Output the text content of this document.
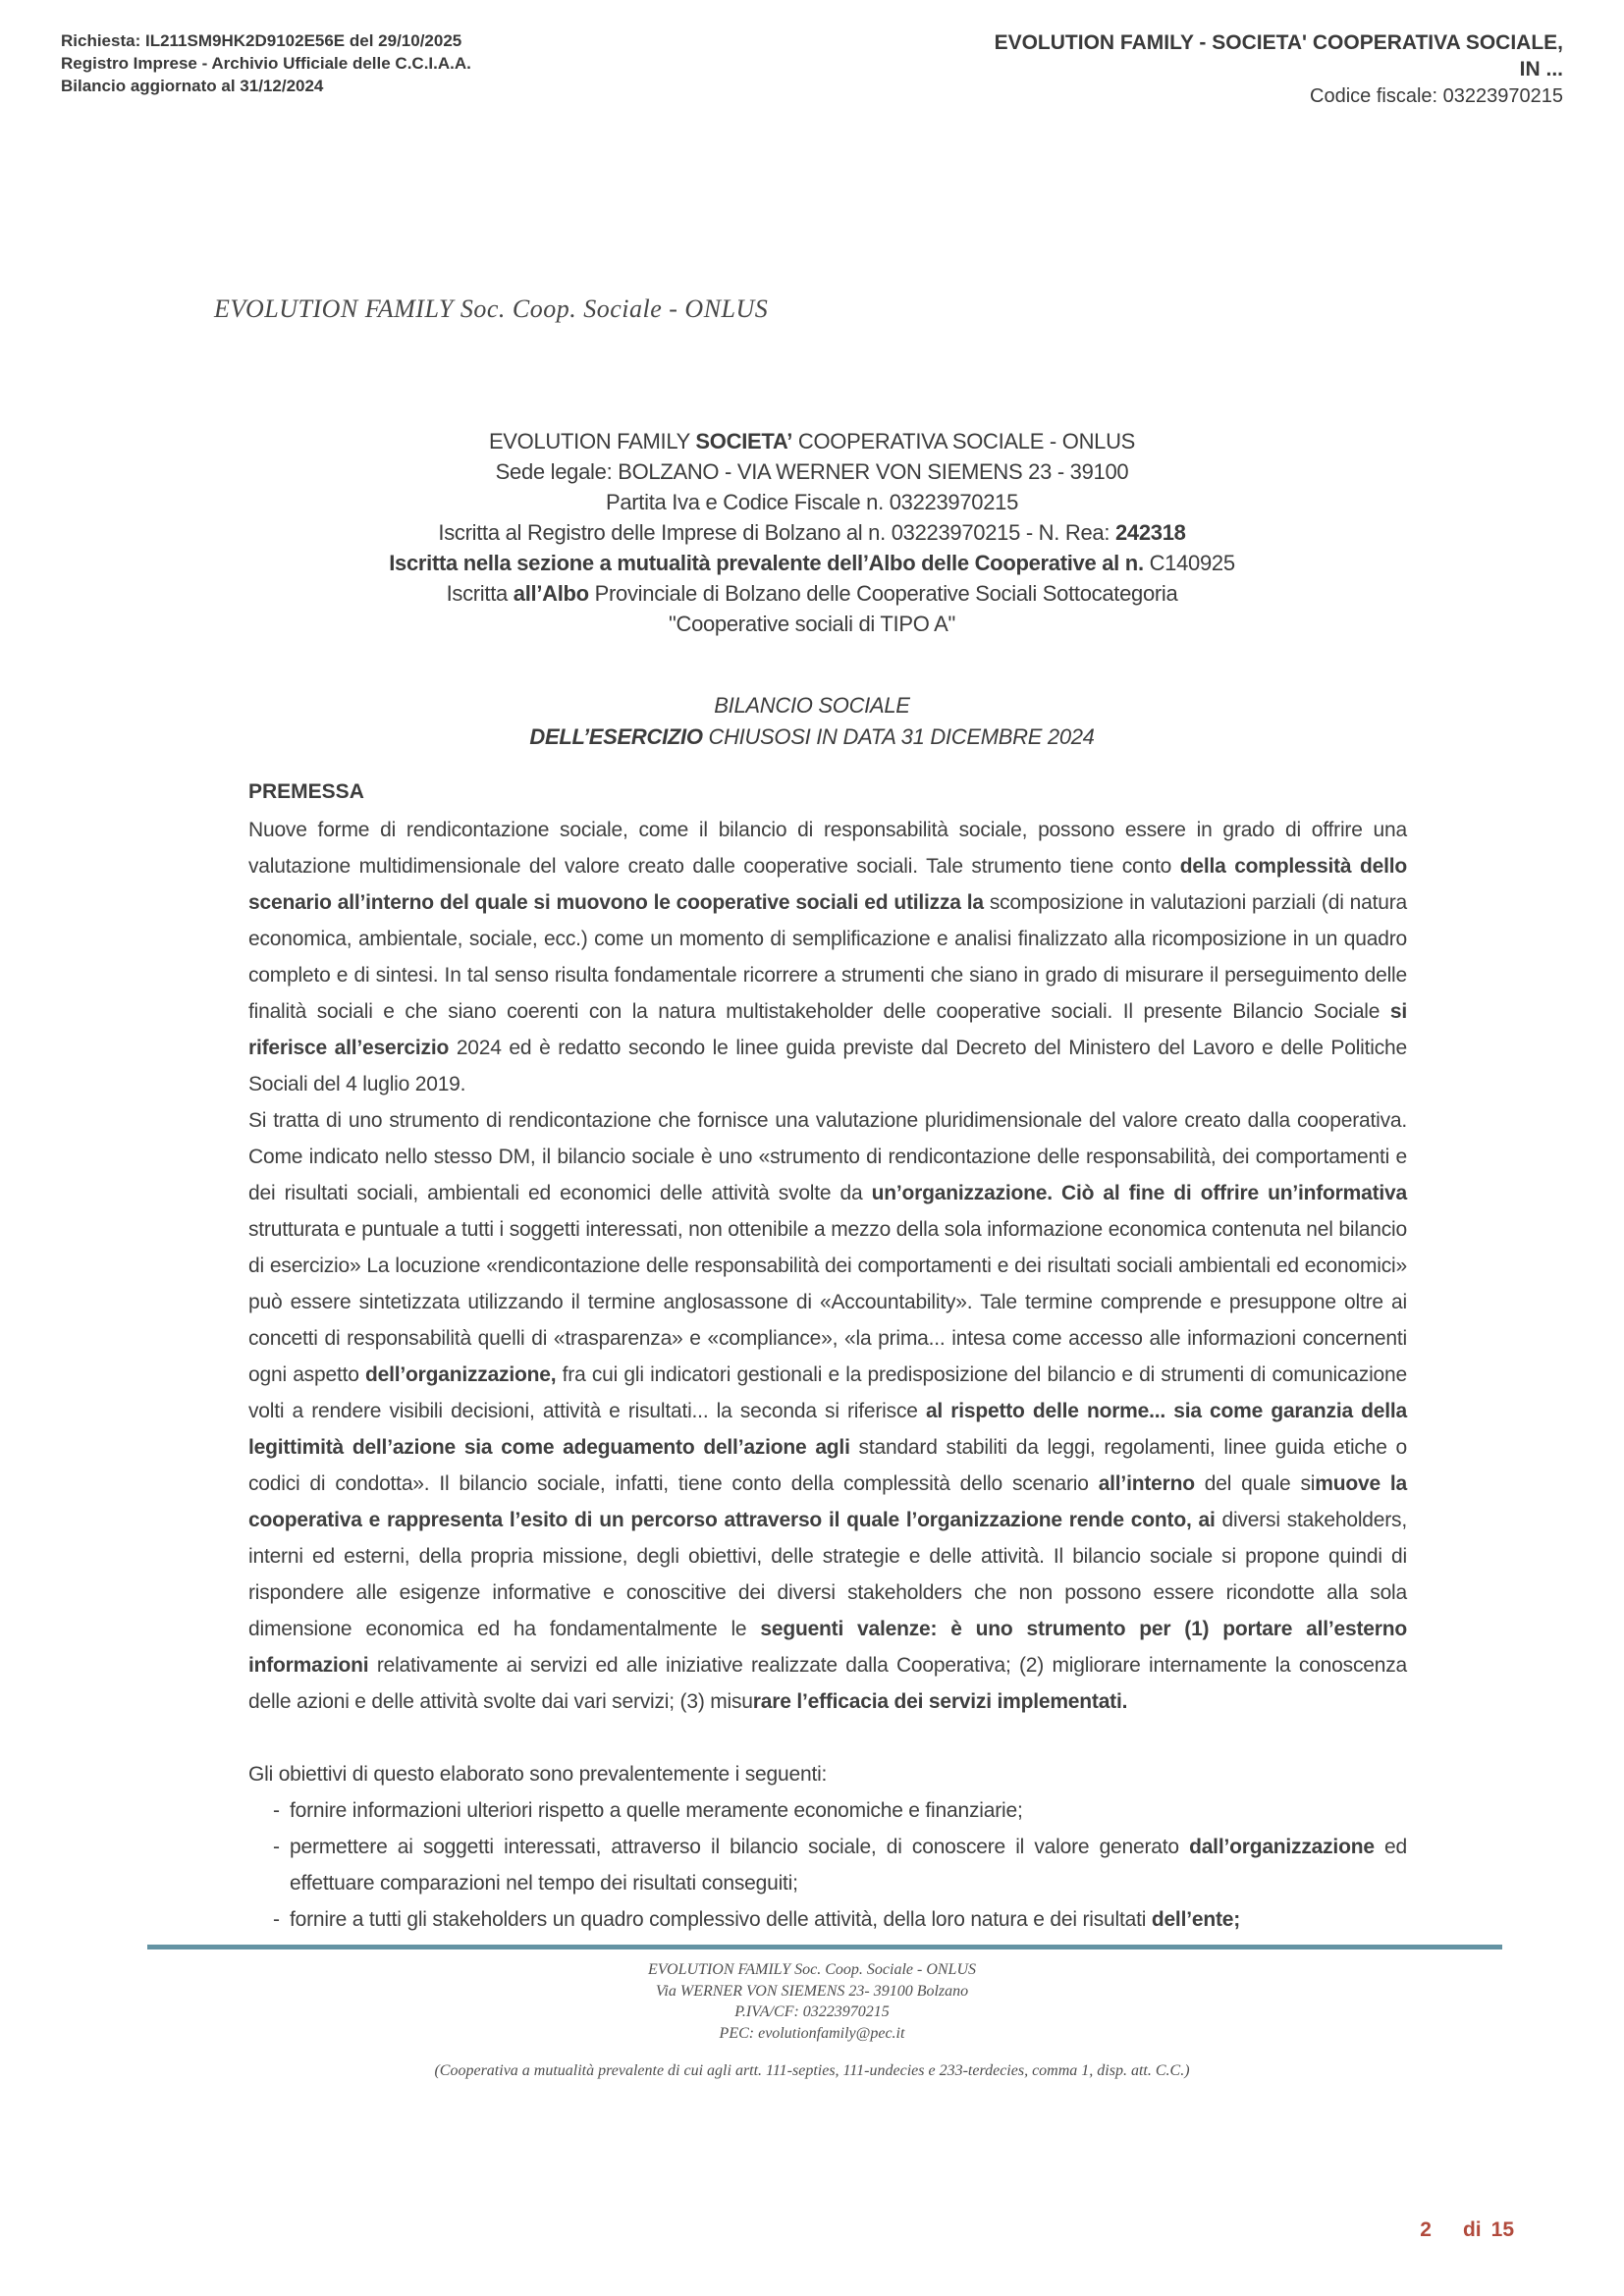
Richiesta: IL211SM9HK2D9102E56E del 29/10/2025
Registro Imprese - Archivio Ufficiale delle C.C.I.A.A.
Bilancio aggiornato al 31/12/2024
EVOLUTION FAMILY - SOCIETA' COOPERATIVA SOCIALE,
IN ...
Codice fiscale: 03223970215
EVOLUTION FAMILY Soc. Coop. Sociale - ONLUS
EVOLUTION FAMILY SOCIETA’ COOPERATIVA SOCIALE - ONLUS
Sede legale: BOLZANO - VIA WERNER VON SIEMENS 23 - 39100
Partita Iva e Codice Fiscale n. 03223970215
Iscritta al Registro delle Imprese di Bolzano al n. 03223970215 - N. Rea: 242318
Iscritta nella sezione a mutualità prevalente dell’Albo delle Cooperative al n. C140925
Iscritta all’Albo Provinciale di Bolzano delle Cooperative Sociali Sottocategoria
"Cooperative sociali di TIPO A"
BILANCIO SOCIALE
DELL’ESERCIZIO CHIUSOSI IN DATA 31 DICEMBRE 2024
PREMESSA

Nuove forme di rendicontazione sociale, come il bilancio di responsabilità sociale, possono essere in grado di offrire una valutazione multidimensionale del valore creato dalle cooperative sociali. Tale strumento tiene conto della complessità dello scenario all’interno del quale si muovono le cooperative sociali ed utilizza la scomposizione in valutazioni parziali (di natura economica, ambientale, sociale, ecc.) come un momento di semplificazione e analisi finalizzato alla ricomposizione in un quadro completo e di sintesi. In tal senso risulta fondamentale ricorrere a strumenti che siano in grado di misurare il perseguimento delle finalità sociali e che siano coerenti con la natura multistakeholder delle cooperative sociali. Il presente Bilancio Sociale si riferisce all’esercizio 2024 ed è redatto secondo le linee guida previste dal Decreto del Ministero del Lavoro e delle Politiche Sociali del 4 luglio 2019.

Si tratta di uno strumento di rendicontazione che fornisce una valutazione pluridimensionale del valore creato dalla cooperativa. Come indicato nello stesso DM, il bilancio sociale è uno «strumento di rendicontazione delle responsabilità, dei comportamenti e dei risultati sociali, ambientali ed economici delle attività svolte da un’organizzazione. Ciò al fine di offrire un’informativa strutturata e puntuale a tutti i soggetti interessati, non ottenibile a mezzo della sola informazione economica contenuta nel bilancio di esercizio» La locuzione «rendicontazione delle responsabilità dei comportamenti e dei risultati sociali ambientali ed economici» può essere sintetizzata utilizzando il termine anglosassone di «Accountability». Tale termine comprende e presuppone oltre ai concetti di responsabilità quelli di «trasparenza» e «compliance», «la prima... intesa come accesso alle informazioni concernenti ogni aspetto dell’organizzazione, fra cui gli indicatori gestionali e la predisposizione del bilancio e di strumenti di comunicazione volti a rendere visibili decisioni, attività e risultati... la seconda si riferisce al rispetto delle norme... sia come garanzia della legittimità dell’azione sia come adeguamento dell’azione agli standard stabiliti da leggi, regolamenti, linee guida etiche o codici di condotta». Il bilancio sociale, infatti, tiene conto della complessità dello scenario all’interno del quale simuove la cooperativa e rappresenta l’esito di un percorso attraverso il quale l’organizzazione rende conto, ai diversi stakeholders, interni ed esterni, della propria missione, degli obiettivi, delle strategie e delle attività. Il bilancio sociale si propone quindi di rispondere alle esigenze informative e conoscitive dei diversi stakeholders che non possono essere ricondotte alla sola dimensione economica ed ha fondamentalmente le seguenti valenze: è uno strumento per (1) portare all’esterno informazioni relativamente ai servizi ed alle iniziative realizzate dalla Cooperativa; (2) migliorare internamente la conoscenza delle azioni e delle attività svolte dai vari servizi; (3) misurare l’efficacia dei servizi implementati.

Gli obiettivi di questo elaborato sono prevalentemente i seguenti:

- fornire informazioni ulteriori rispetto a quelle meramente economiche e finanziarie;
- permettere ai soggetti interessati, attraverso il bilancio sociale, di conoscere il valore generato dall’organizzazione ed effettuare comparazioni nel tempo dei risultati conseguiti;
- fornire a tutti gli stakeholders un quadro complessivo delle attività, della loro natura e dei risultati dell’ente;
EVOLUTION FAMILY Soc. Coop. Sociale - ONLUS
Via WERNER VON SIEMENS 23- 39100 Bolzano
P.IVA/CF: 03223970215
PEC: evolutionfamily@pec.it
(Cooperativa a mutualità prevalente di cui agli artt. 111-septies, 111-undecies e 233-terdecies, comma 1, disp. att. C.C.)
2 di 15
